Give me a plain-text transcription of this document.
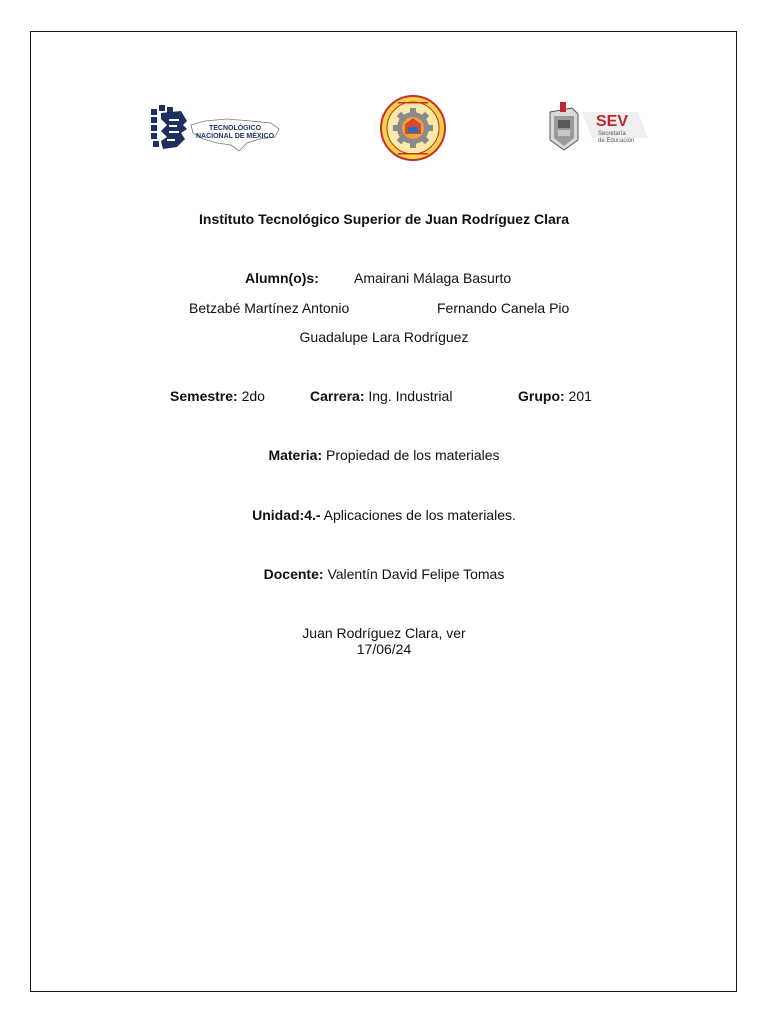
TECNOLÓGICO
NACIONAL DE MÉXICO
SEV
Secretaría
de Educación
Instituto Tecnológico Superior de Juan Rodríguez Clara
Alumn(o)s:	Amairani Málaga Basurto
Betzabé Martínez Antonio	Fernando Canela Pio
Guadalupe Lara Rodríguez
Semestre: 2do	Carrera: Ing. Industrial	Grupo: 201
Materia: Propiedad de los materiales
Unidad:4.- Aplicaciones de los materiales.
Docente: Valentín David Felipe Tomas
Juan Rodríguez Clara, ver
17/06/24
